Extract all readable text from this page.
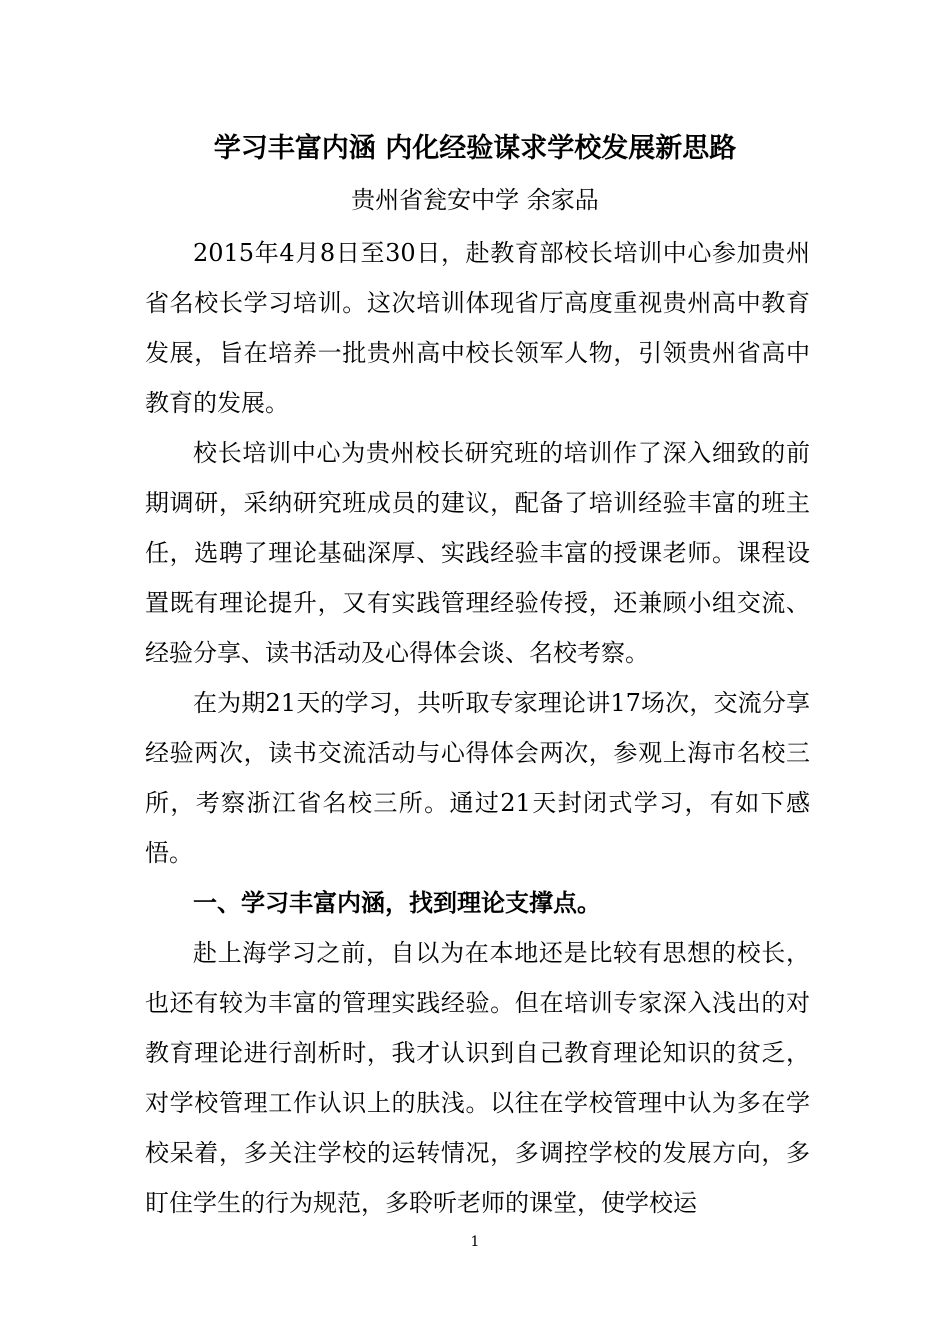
学习丰富内涵 内化经验谋求学校发展新思路
贵州省瓮安中学 余家品

2015年4月8日至30日，赴教育部校长培训中心参加贵州省名校长学习培训。这次培训体现省厅高度重视贵州高中教育发展，旨在培养一批贵州高中校长领军人物，引领贵州省高中教育的发展。

校长培训中心为贵州校长研究班的培训作了深入细致的前期调研，采纳研究班成员的建议，配备了培训经验丰富的班主任，选聘了理论基础深厚、实践经验丰富的授课老师。课程设置既有理论提升，又有实践管理经验传授，还兼顾小组交流、经验分享、读书活动及心得体会谈、名校考察。

在为期21天的学习，共听取专家理论讲17场次，交流分享经验两次，读书交流活动与心得体会两次，参观上海市名校三所，考察浙江省名校三所。通过21天封闭式学习，有如下感悟。

一、学习丰富内涵，找到理论支撑点。

赴上海学习之前，自以为在本地还是比较有思想的校长，也还有较为丰富的管理实践经验。但在培训专家深入浅出的对教育理论进行剖析时，我才认识到自己教育理论知识的贫乏，对学校管理工作认识上的肤浅。以往在学校管理中认为多在学校呆着，多关注学校的运转情况，多调控学校的发展方向，多盯住学生的行为规范，多聆听老师的课堂，使学校运

1
